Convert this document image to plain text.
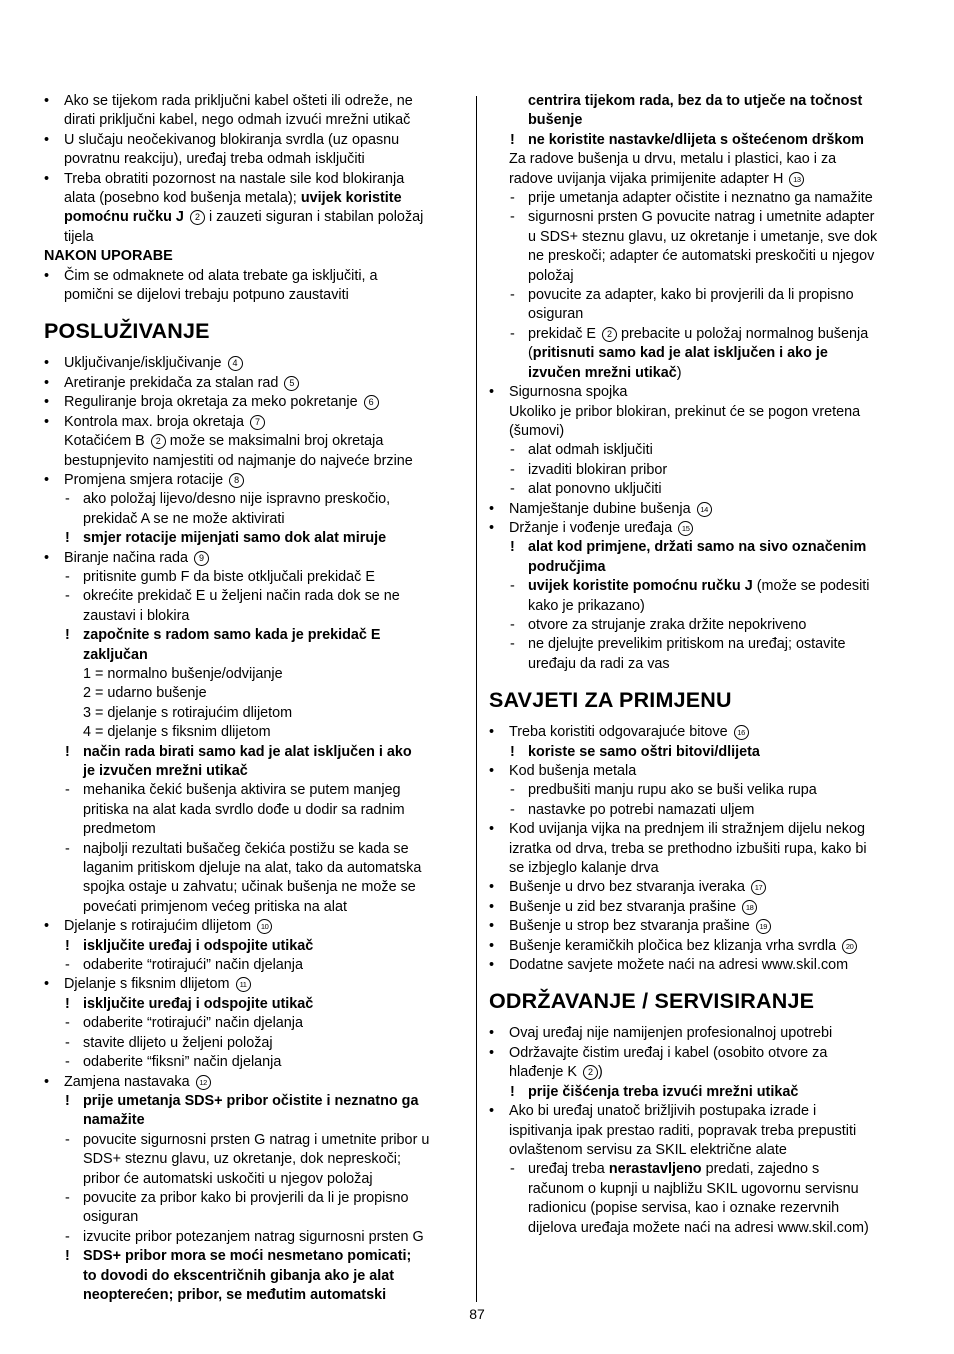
• Ako se tijekom rada priključni kabel ošteti ili odreže, ne
dirati priključni kabel, nego odmah izvući mrežni utikač
• U slučaju neočekivanog blokiranja svrdla (uz opasnu
povratnu reakciju), uređaj treba odmah isključiti
• Treba obratiti pozornost na nastale sile kod blokiranja
alata (posebno kod bušenja metala); uvijek koristite
pomoćnu ručku J 2 i zauzeti siguran i stabilan položaj
tijela
NAKON UPORABE
• Čim se odmaknete od alata trebate ga isključiti, a
pomični se dijelovi trebaju potpuno zaustaviti
POSLUŽIVANJE
• Uključivanje/isključivanje 4
• Aretiranje prekidača za stalan rad 5
• Reguliranje broja okretaja za meko pokretanje 6
• Kontrola max. broja okretaja 7
Kotačićem B 2 može se maksimalni broj okretaja
bestupnjevito namjestiti od najmanje do najveće brzine
• Promjena smjera rotacije 8
- ako položaj lijevo/desno nije ispravno preskočio,
prekidač A se ne može aktivirati
! smjer rotacije mijenjati samo dok alat miruje
• Biranje načina rada 9
- pritisnite gumb F da biste otključali prekidač E
- okrećite prekidač E u željeni način rada dok se ne
zaustavi i blokira
! započnite s radom samo kada je prekidač E
zaključan
1 = normalno bušenje/odvijanje
2 = udarno bušenje
3 = djelanje s rotirajućim dlijetom
4 = djelanje s fiksnim dlijetom
! način rada birati samo kad je alat isključen i ako
je izvučen mrežni utikač
- mehanika čekić bušenja aktivira se putem manjeg
pritiska na alat kada svrdlo dođe u dodir sa radnim
predmetom
- najbolji rezultati bušačeg čekića postižu se kada se
laganim pritiskom djeluje na alat, tako da automatska
spojka ostaje u zahvatu; učinak bušenja ne može se
povećati primjenom većeg pritiska na alat
• Djelanje s rotirajućim dlijetom 10
! isključite uređaj i odspojite utikač
- odaberite “rotirajući” način djelanja
• Djelanje s fiksnim dlijetom 11
! isključite uređaj i odspojite utikač
- odaberite “rotirajući” način djelanja
- stavite dlijeto u željeni položaj
- odaberite “fiksni” način djelanja
• Zamjena nastavaka 12
! prije umetanja SDS+ pribor očistite i neznatno ga
namažite
- povucite sigurnosni prsten G natrag i umetnite pribor u
SDS+ steznu glavu, uz okretanje, dok nepreskoči;
pribor će automatski uskočiti u njegov položaj
- povucite za pribor kako bi provjerili da li je propisno
osiguran
- izvucite pribor potezanjem natrag sigurnosni prsten G
! SDS+ pribor mora se moći nesmetano pomicati;
to dovodi do ekscentričnih gibanja ako je alat
neopterećen; pribor, se međutim automatski
centrira tijekom rada, bez da to utječe na točnost
bušenje
! ne koristite nastavke/dlijeta s oštećenom drškom
Za radove bušenja u drvu, metalu i plastici, kao i za
radove uvijanja vijaka primijenite adapter H 13
- prije umetanja adapter očistite i neznatno ga namažite
- sigurnosni prsten G povucite natrag i umetnite adapter
u SDS+ steznu glavu, uz okretanje i umetanje, sve dok
ne preskoči; adapter će automatski preskočiti u njegov
položaj
- povucite za adapter, kako bi provjerili da li propisno
osiguran
- prekidač E 2 prebacite u položaj normalnog bušenja
(pritisnuti samo kad je alat isključen i ako je
izvučen mrežni utikač)
• Sigurnosna spojka
Ukoliko je pribor blokiran, prekinut će se pogon vretena
(šumovi)
- alat odmah isključiti
- izvaditi blokiran pribor
- alat ponovno uključiti
• Namještanje dubine bušenja 14
• Držanje i vođenje uređaja 15
! alat kod primjene, držati samo na sivo označenim
područjima
- uvijek koristite pomoćnu ručku J (može se podesiti
kako je prikazano)
- otvore za strujanje zraka držite nepokriveno
- ne djelujte prevelikim pritiskom na uređaj; ostavite
uređaju da radi za vas
SAVJETI ZA PRIMJENU
• Treba koristiti odgovarajuće bitove 16
! koriste se samo oštri bitovi/dlijeta
• Kod bušenja metala
- predbušiti manju rupu ako se buši velika rupa
- nastavke po potrebi namazati uljem
• Kod uvijanja vijka na prednjem ili stražnjem dijelu nekog
izratka od drva, treba se prethodno izbušiti rupa, kako bi
se izbjeglo kalanje drva
• Bušenje u drvo bez stvaranja iveraka 17
• Bušenje u zid bez stvaranja prašine 18
• Bušenje u strop bez stvaranja prašine 19
• Bušenje keramičkih pločica bez klizanja vrha svrdla 20
• Dodatne savjete možete naći na adresi www.skil.com
ODRŽAVANJE / SERVISIRANJE
• Ovaj uređaj nije namijenjen profesionalnoj upotrebi
• Održavajte čistim uređaj i kabel (osobito otvore za
hlađenje K 2 )
! prije čišćenja treba izvući mrežni utikač
• Ako bi uređaj unatoč brižljivih postupaka izrade i
ispitivanja ipak prestao raditi, popravak treba prepustiti
ovlaštenom servisu za SKIL električne alate
- uređaj treba nerastavljeno predati, zajedno s
računom o kupnji u najbližu SKIL ugovornu servisnu
radionicu (popise servisa, kao i oznake rezervnih
dijelova uređaja možete naći na adresi www.skil.com)
87
